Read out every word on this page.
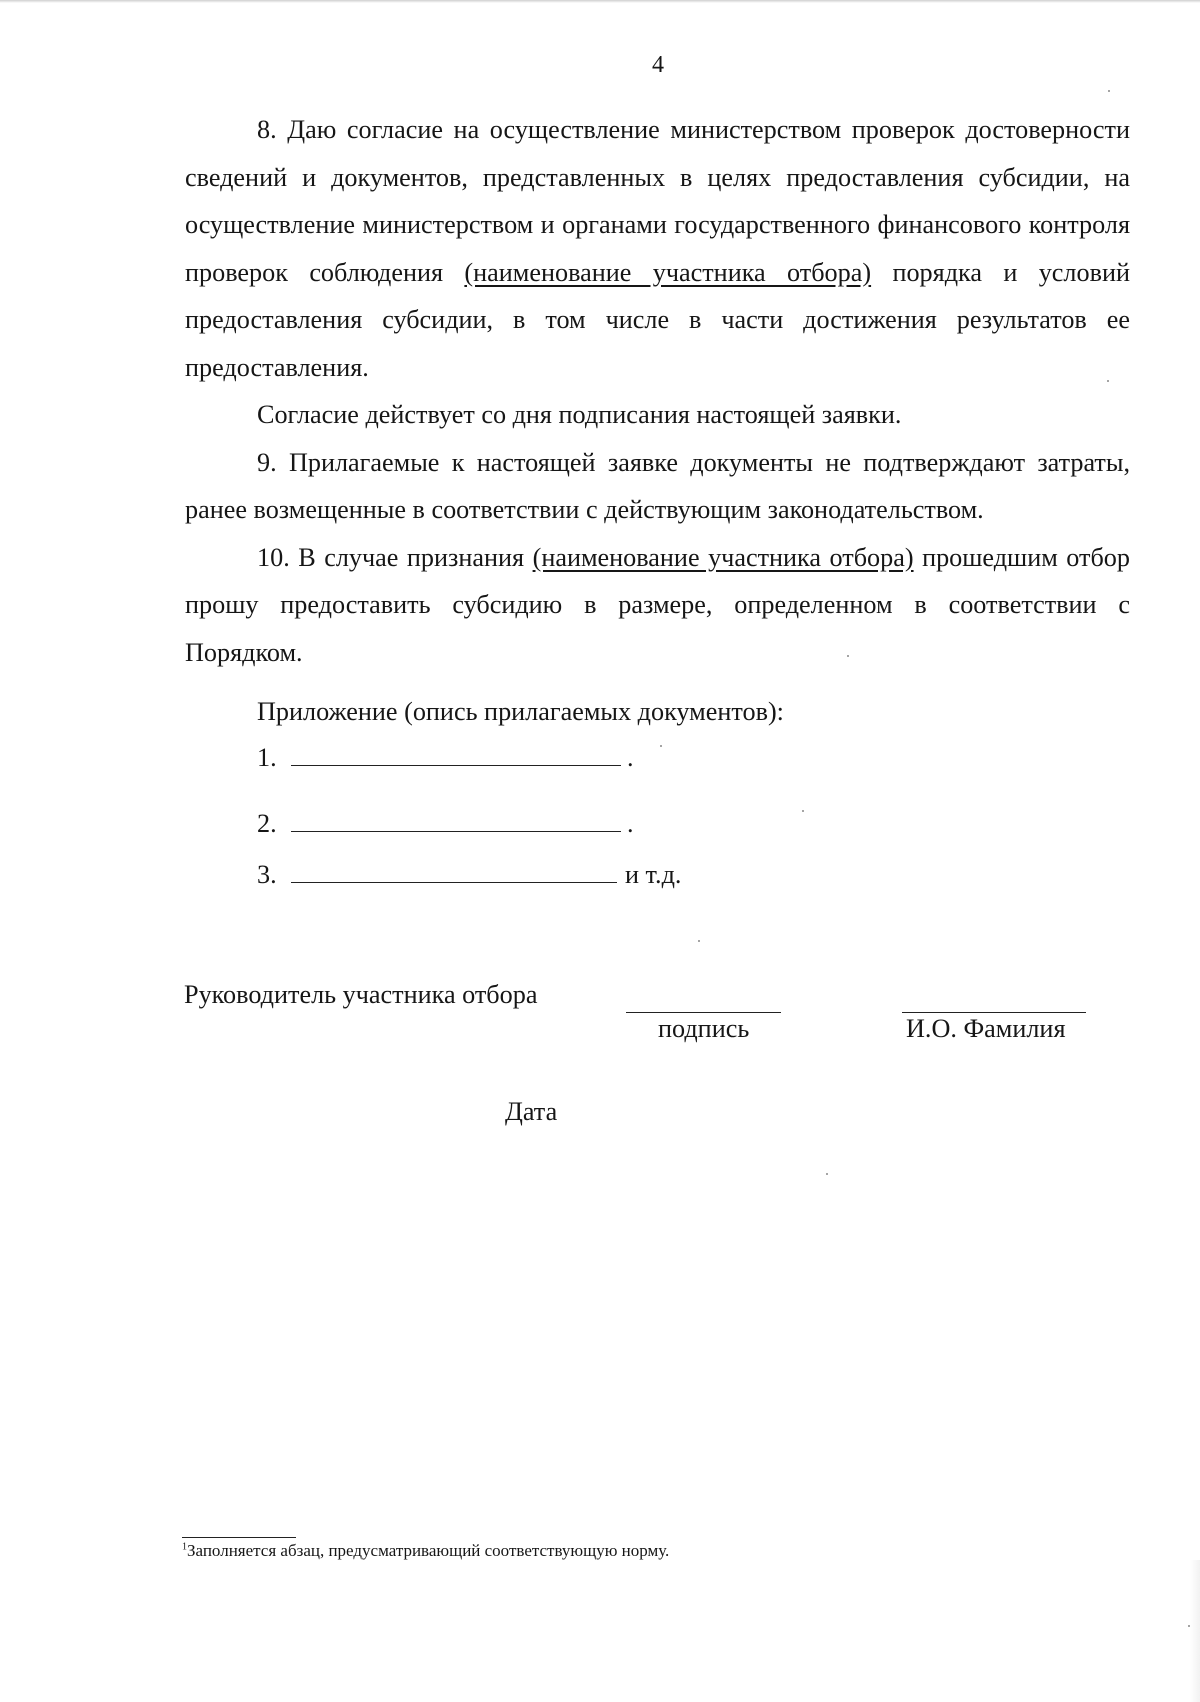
4

8. Даю согласие на осуществление министерством проверок достоверности сведений и документов, представленных в целях предоставления субсидии, на осуществление министерством и органами государственного финансового контроля проверок соблюдения (наименование участника отбора) порядка и условий предоставления субсидии, в том числе в части достижения результатов ее предоставления.

Согласие действует со дня подписания настоящей заявки.

9. Прилагаемые к настоящей заявке документы не подтверждают затраты, ранее возмещенные в соответствии с действующим законодательством.

10. В случае признания (наименование участника отбора) прошедшим отбор прошу предоставить субсидию в размере, определенном в соответствии с Порядком.

Приложение (опись прилагаемых документов):
1.	.
2.	.
3.	и т.д.
Руководитель участника отбора
подпись	И.О. Фамилия
Дата
$^1$Заполняется абзац, предусматривающий соответствующую норму.
